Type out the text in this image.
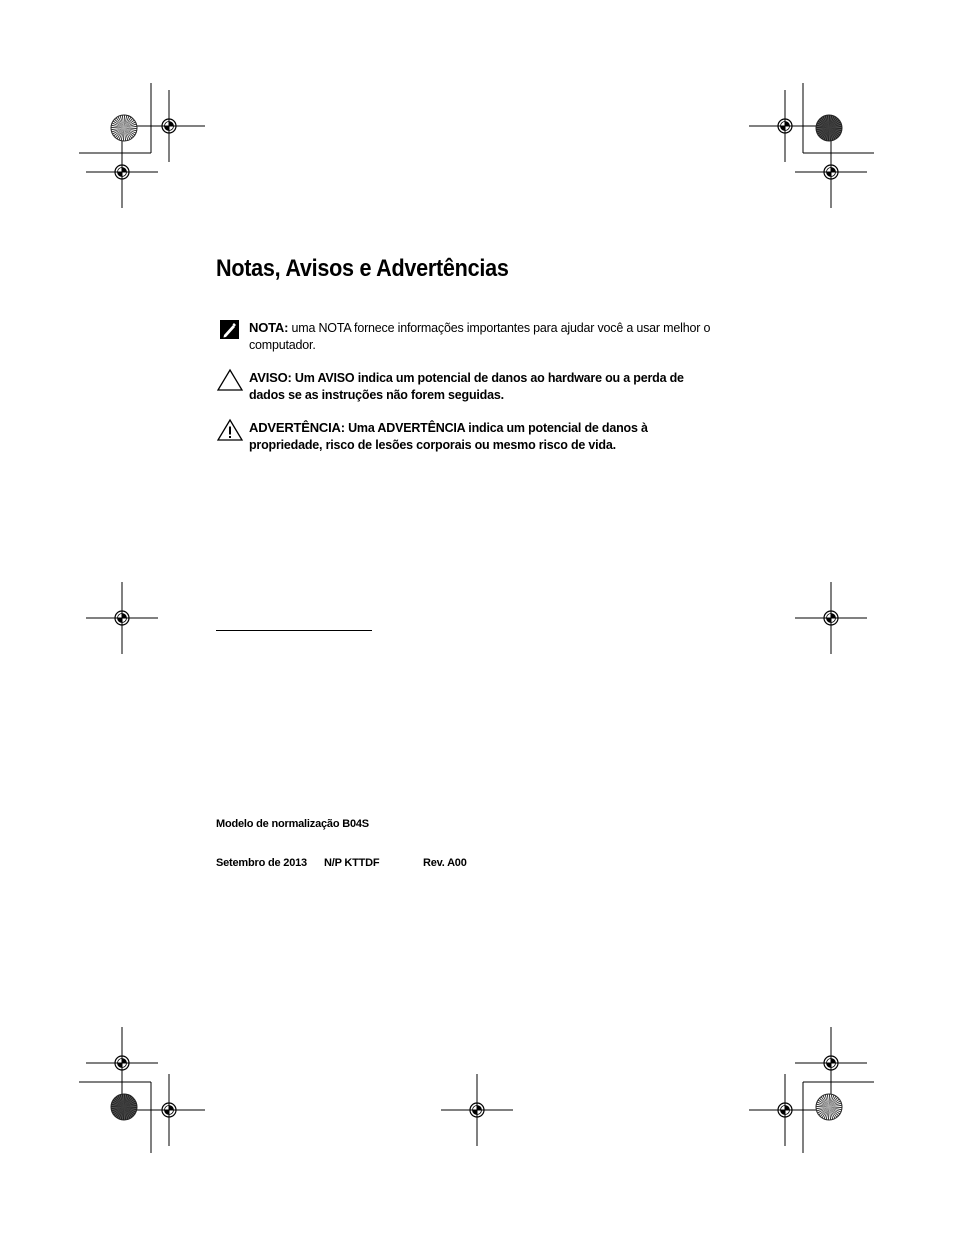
Notas, Avisos e Advertências
NOTA: uma NOTA fornece informações importantes para ajudar você a usar melhor o computador.
AVISO: Um AVISO indica um potencial de danos ao hardware ou a perda de dados se as instruções não forem seguidas.
ADVERTÊNCIA: Uma ADVERTÊNCIA indica um potencial de danos à propriedade, risco de lesões corporais ou mesmo risco de vida.
Modelo de normalização B04S
Setembro de 2013 N/P KTTDF	Rev. A00
